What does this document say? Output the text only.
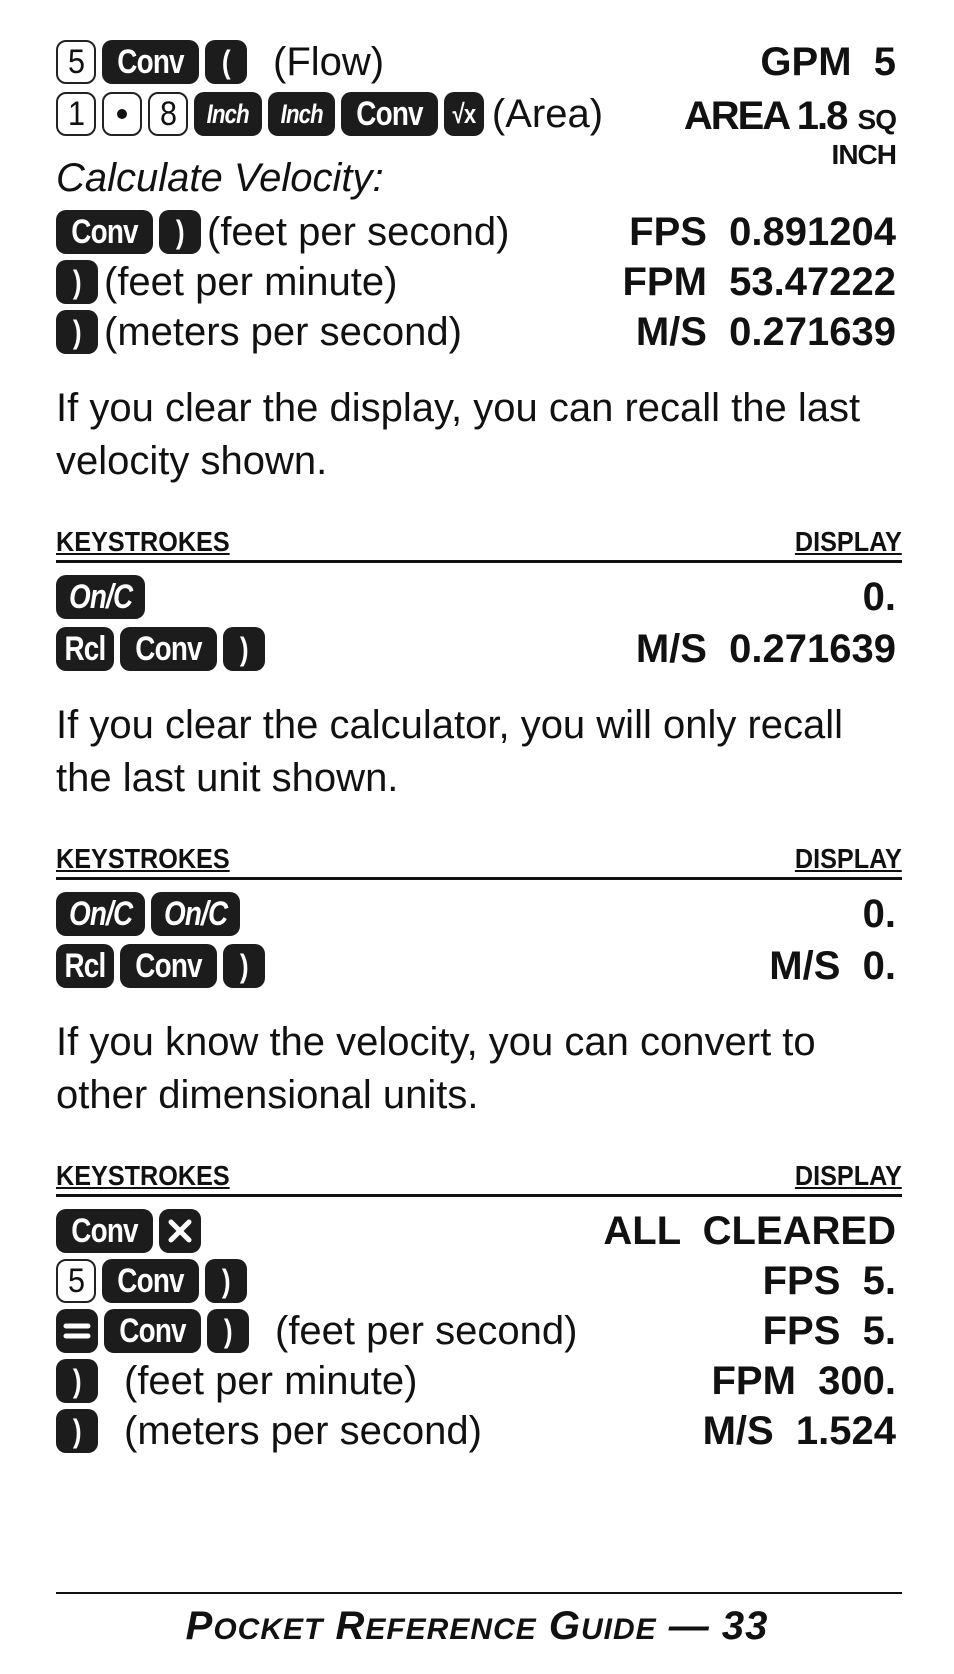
5 Conv ( (Flow)	GPM  5
1 8 Inch Inch Conv √x (Area) AREA 1.8 SQ
INCH
Calculate Velocity:
Conv ) (feet per second)	FPS  0.891204
) (feet per minute)	FPM  53.47222
) (meters per second)	M/S  0.271639

If you clear the display, you can recall the last velocity shown.

KEYSTROKES	DISPLAY
On/C	0.
Rcl Conv )	M/S  0.271639

If you clear the calculator, you will only recall the last unit shown.

KEYSTROKES	DISPLAY
On/C On/C	0.
Rcl Conv )	M/S  0.

If you know the velocity, you can convert to other dimensional units.

KEYSTROKES	DISPLAY
Conv	ALL  CLEARED
5 Conv )	FPS  5.
Conv ) (feet per second)	FPS  5.
) (feet per minute)	FPM  300.
) (meters per second)	M/S  1.524
POCKET REFERENCE GUIDE — 33
